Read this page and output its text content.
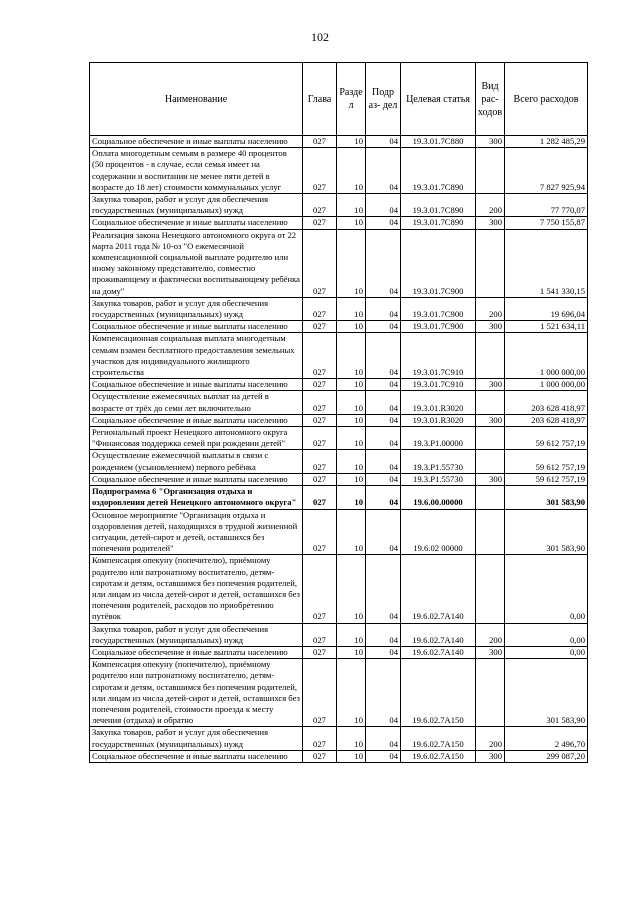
102
Наименование	Глава	Разде л	Подр аз- дел	Целевая статья	Вид рас- ходов	Всего расходов
Социальное обеспечение и иные выплаты населению	027	10	04	19.3.01.7С880	300	1 282 485,29
Оплата многодетным семьям в размере 40 процентов (50 процентов - в случае, если семья имеет на содержании и воспитании не менее пяти детей в возрасте до 18 лет) стоимости коммунальных услуг	027	10	04	19.3.01.7С890		7 827 925,94
Закупка товаров, работ и услуг для обеспечения государственных (муниципальных) нужд	027	10	04	19.3.01.7С890	200	77 770,07
Социальное обеспечение и иные выплаты населению	027	10	04	19.3.01.7С890	300	7 750 155,87
Реализация закона Ненецкого автономного округа от 22 марта 2011 года № 10-оз "О ежемесячной компенсационной социальной выплате родителю или иному законному представителю, совместно проживающему и фактически воспитывающему ребёнка на дому"	027	10	04	19.3.01.7С900		1 541 330,15
Закупка товаров, работ и услуг для обеспечения государственных (муниципальных) нужд	027	10	04	19.3.01.7С900	200	19 696,04
Социальное обеспечение и иные выплаты населению	027	10	04	19.3.01.7С900	300	1 521 634,11
Компенсационная социальная выплата многодетным семьям взамен бесплатного предоставления земельных участков для индивидуального жилищного строительства	027	10	04	19.3.01.7С910		1 000 000,00
Социальное обеспечение и иные выплаты населению	027	10	04	19.3.01.7С910	300	1 000 000,00
Осуществление ежемесячных выплат на детей в возрасте от трёх до семи лет включительно	027	10	04	19.3.01.R3020		203 628 418,97
Социальное обеспечение и иные выплаты населению	027	10	04	19.3.01.R3020	300	203 628 418,97
Региональный проект Ненецкого автономного округа "Финансовая поддержка семей при рождении детей"	027	10	04	19.3.P1.00000		59 612 757,19
Осуществление ежемесячной выплаты в связи с рождением (усыновлением) первого ребёнка	027	10	04	19.3.P1.55730		59 612 757,19
Социальное обеспечение и иные выплаты населению	027	10	04	19.3.P1.55730	300	59 612 757,19
Подпрограмма 6 "Организация отдыха и оздоровления детей Ненецкого автономного округа"	027	10	04	19.6.00.00000		301 583,90
Основное мероприятие "Организация отдыха и оздоровления детей, находящихся в трудной жизненной ситуации, детей-сирот и детей, оставшихся без попечения родителей"	027	10	04	19.6.02 00000		301 583,90
Компенсация опекуну (попечителю), приёмному родителю или патронатному воспитателю, детям-сиротам и детям, оставшимся без попечения родителей, или лицам из числа детей-сирот и детей, оставшихся без попечения родителей, расходов по приобретению путёвок	027	10	04	19.6.02.7А140		0,00
Закупка товаров, работ и услуг для обеспечения государственных (муниципальных) нужд	027	10	04	19.6.02.7А140	200	0,00
Социальное обеспечение и иные выплаты населению	027	10	04	19.6.02.7А140	300	0,00
Компенсация опекуну (попечителю), приёмному родителю или патронатному воспитателю, детям-сиротам и детям, оставшимся без попечения родителей, или лицам из числа детей-сирот и детей, оставшихся без попечения родителей, стоимости проезда к месту лечения (отдыха) и обратно	027	10	04	19.6.02.7А150		301 583,90
Закупка товаров, работ и услуг для обеспечения государственных (муниципальных) нужд	027	10	04	19.6.02.7А150	200	2 496,70
Социальное обеспечение и иные выплаты населению	027	10	04	19.6.02.7А150	300	299 087,20
